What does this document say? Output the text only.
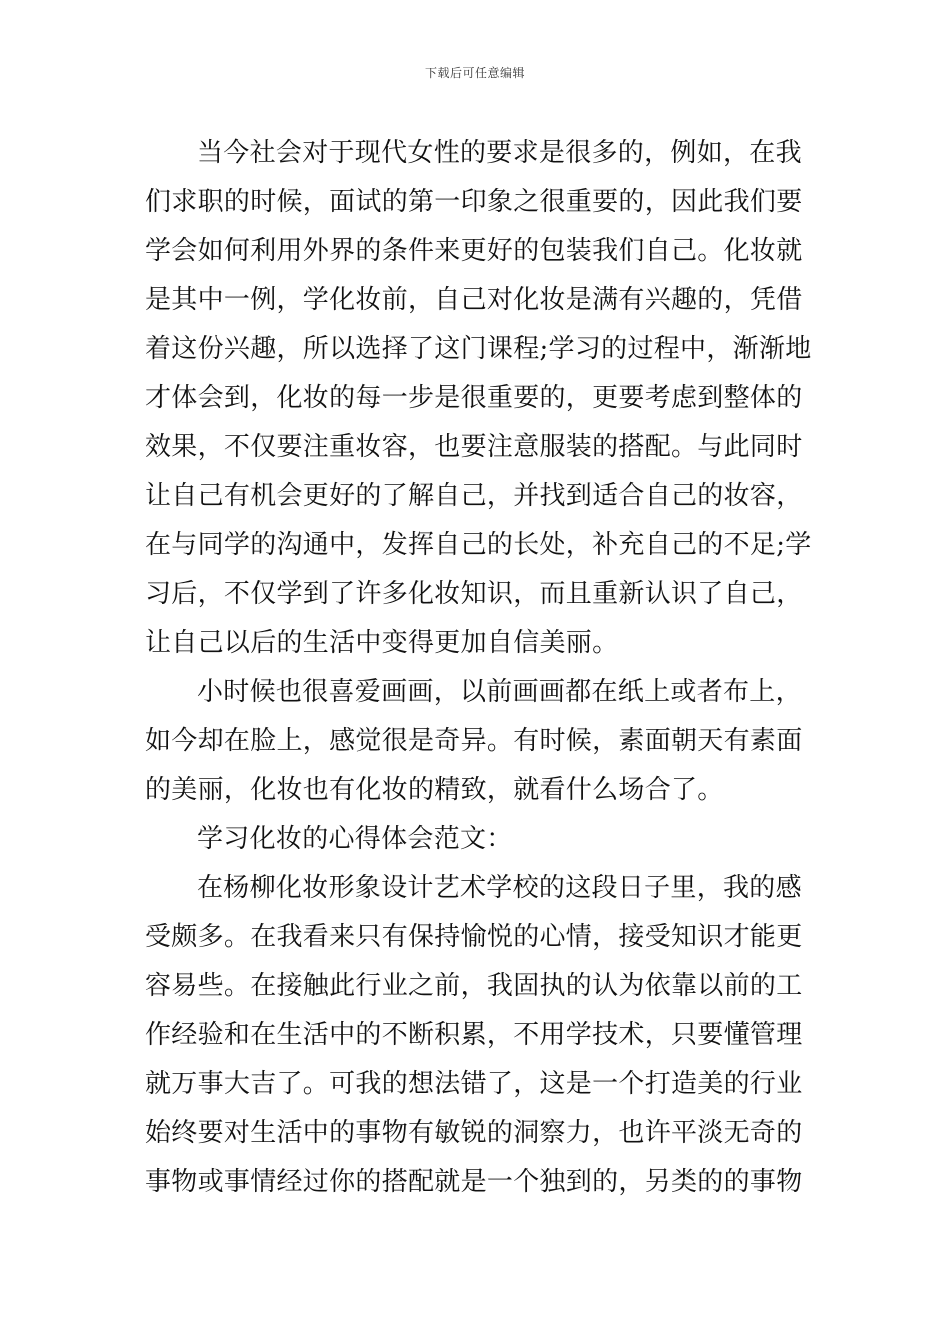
下载后可任意编辑
当今社会对于现代女性的要求是很多的，例如，在我
们求职的时候，面试的第一印象之很重要的，因此我们要
学会如何利用外界的条件来更好的包装我们自己。化妆就
是其中一例，学化妆前，自己对化妆是满有兴趣的，凭借
着这份兴趣，所以选择了这门课程;学习的过程中，渐渐地
才体会到，化妆的每一步是很重要的，更要考虑到整体的
效果，不仅要注重妆容，也要注意服装的搭配。与此同时
让自己有机会更好的了解自己，并找到适合自己的妆容，
在与同学的沟通中，发挥自己的长处，补充自己的不足;学
习后，不仅学到了许多化妆知识，而且重新认识了自己，
让自己以后的生活中变得更加自信美丽。
小时候也很喜爱画画，以前画画都在纸上或者布上，
如今却在脸上，感觉很是奇异。有时候，素面朝天有素面
的美丽，化妆也有化妆的精致，就看什么场合了。
学习化妆的心得体会范文：
在杨柳化妆形象设计艺术学校的这段日子里，我的感
受颇多。在我看来只有保持愉悦的心情，接受知识才能更
容易些。在接触此行业之前，我固执的认为依靠以前的工
作经验和在生活中的不断积累，不用学技术，只要懂管理
就万事大吉了。可我的想法错了，这是一个打造美的行业
始终要对生活中的事物有敏锐的洞察力，也许平淡无奇的
事物或事情经过你的搭配就是一个独到的，另类的的事物
